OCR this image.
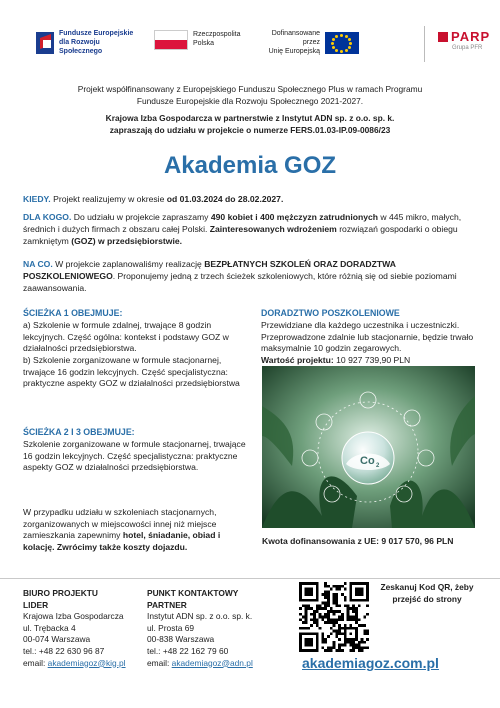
Fundusze Europejskie
dla Rozwoju Społecznego
Rzeczpospolita
Polska
Dofinansowane przez
Unię Europejską
PARP
Grupa PFR
Projekt współfinansowany z Europejskiego Funduszu Społecznego Plus w ramach Programu
Fundusze Europejskie dla Rozwoju Społecznego 2021-2027.
Krajowa Izba Gospodarcza w partnerstwie z Instytut ADN sp. z o.o. sp. k.
zapraszają do udziału w projekcie o numerze FERS.01.03-IP.09-0086/23
Akademia GOZ
KIEDY. Projekt realizujemy w okresie od 01.03.2024 do 28.02.2027.
DLA KOGO. Do udziału w projekcie zapraszamy 490 kobiet i 400 mężczyzn zatrudnionych w 445 mikro, małych, średnich i dużych firmach z obszaru całej Polski. Zainteresowanych wdrożeniem rozwiązań gospodarki o obiegu zamkniętym (GOZ) w przedsiębiorstwie.
NA CO. W projekcie zaplanowaliśmy realizację BEZPŁATNYCH SZKOLEŃ ORAZ DORADZTWA POSZKOLENIOWEGO. Proponujemy jedną z trzech ścieżek szkoleniowych, które różnią się od siebie poziomami zaawansowania.
ŚCIEŻKA 1 OBEJMUJE:
a) Szkolenie w formule zdalnej, trwające 8 godzin lekcyjnych. Część ogólna: kontekst i podstawy GOZ w działalności przedsiębiorstwa.
b) Szkolenie zorganizowane w formule stacjonarnej, trwające 16 godzin lekcyjnych. Część specjalistyczna: praktyczne aspekty GOZ w działalności przedsiębiorstwa
ŚCIEŻKA 2 I 3 OBEJMUJE:
Szkolenie zorganizowane w formule stacjonarnej, trwające 16 godzin lekcyjnych. Część specjalistyczna: praktyczne aspekty GOZ w działalności przedsiębiorstwa.
W przypadku udziału w szkoleniach stacjonarnych, zorganizowanych w miejscowości innej niż miejsce zamieszkania zapewnimy hotel, śniadanie, obiad i kolację. Zwrócimy także koszty dojazdu.
DORADZTWO POSZKOLENIOWE
Przewidziane dla każdego uczestnika i uczestniczki. Przeprowadzone zdalnie lub stacjonarnie, będzie trwało maksymalnie 10 godzin zegarowych.
Wartość projektu: 10 927 739,90 PLN
Co 2
Kwota dofinansowania z UE: 9 017 570, 96 PLN
BIURO PROJEKTU
LIDER
Krajowa Izba Gospodarcza
ul. Trębacka 4
00-074 Warszawa
tel.: +48 22 630 96 87
email: akademiagoz@kig.pl
PUNKT KONTAKTOWY
PARTNER
Instytut ADN sp. z o.o. sp. k.
ul. Prosta 69
00-838 Warszawa
tel.: +48 22 162 79 60
email: akademiagoz@adn.pl
Zeskanuj Kod QR, żeby przejść do strony
akademiagoz.com.pl
